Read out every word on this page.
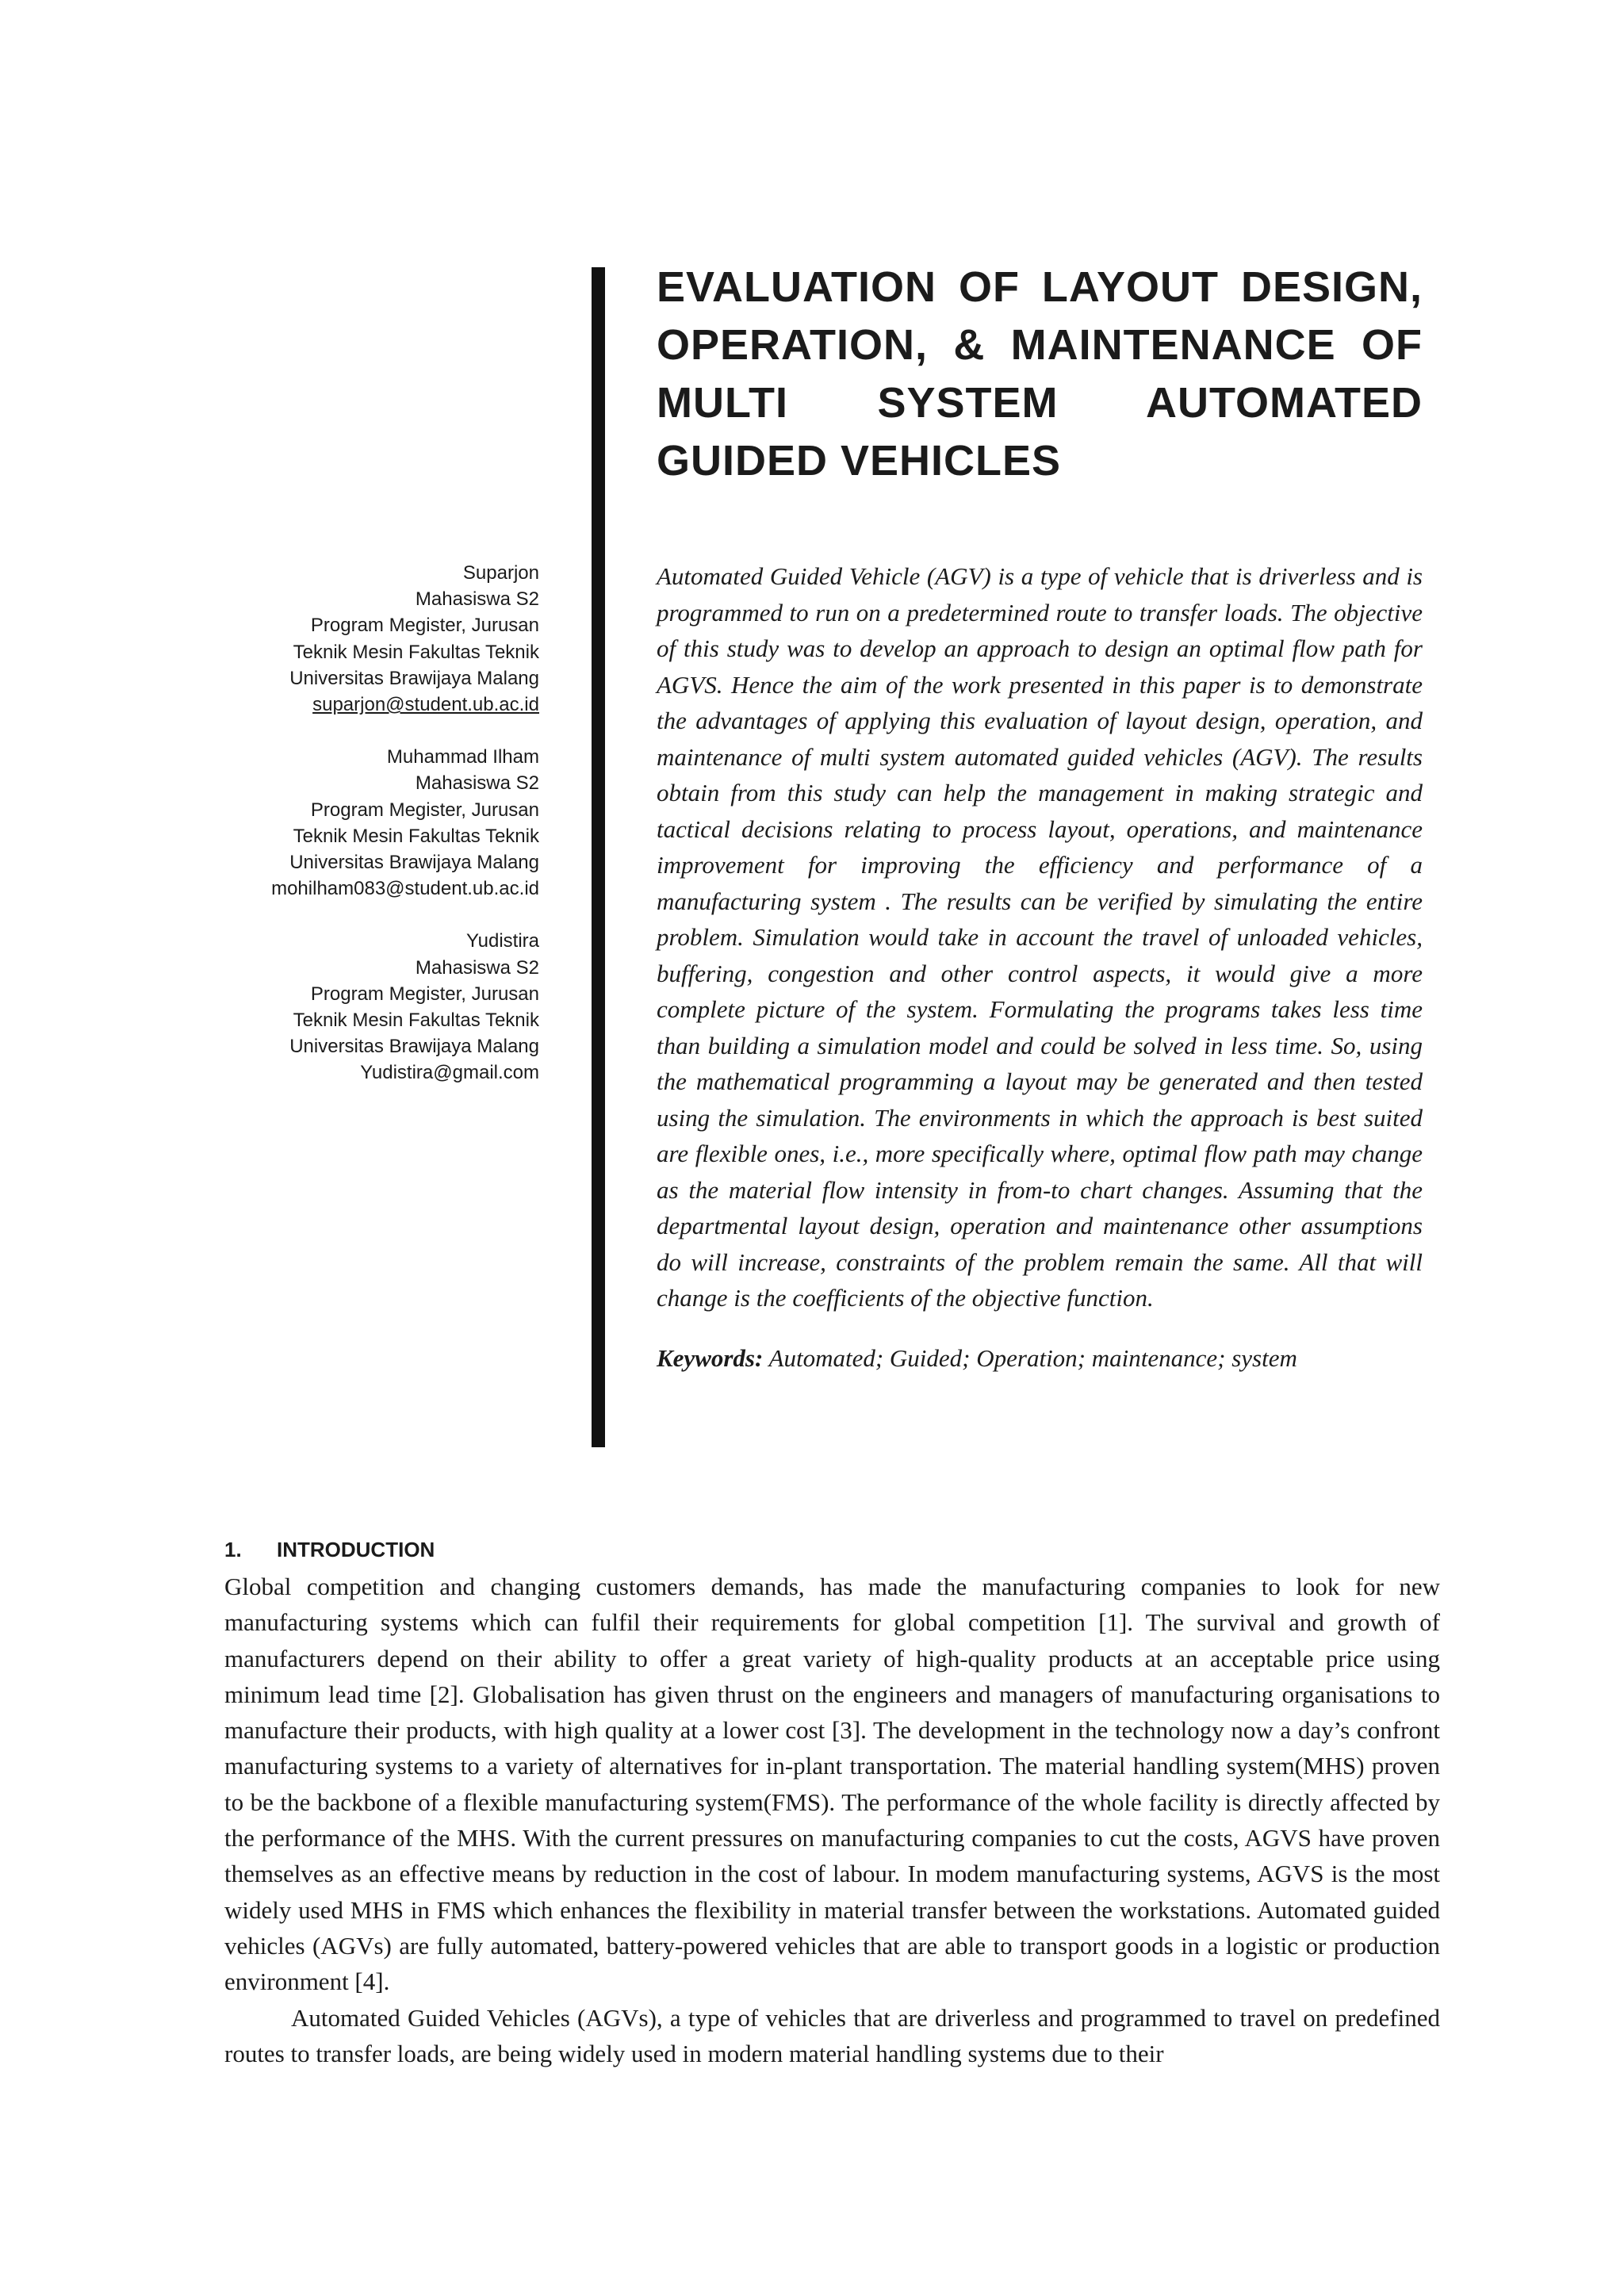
EVALUATION OF LAYOUT DESIGN,
OPERATION, & MAINTENANCE OF
MULTI SYSTEM AUTOMATED
GUIDED VEHICLES
Suparjon
Mahasiswa S2
Program Megister, Jurusan
Teknik Mesin Fakultas Teknik
Universitas Brawijaya Malang
suparjon@student.ub.ac.id
Muhammad Ilham
Mahasiswa S2
Program Megister, Jurusan
Teknik Mesin Fakultas Teknik
Universitas Brawijaya Malang
mohilham083@student.ub.ac.id
Yudistira
Mahasiswa S2
Program Megister, Jurusan
Teknik Mesin Fakultas Teknik
Universitas Brawijaya Malang
Yudistira@gmail.com

Automated Guided Vehicle (AGV) is a type of vehicle that is driverless and is programmed to run on a predetermined route to transfer loads. The objective of this study was to develop an approach to design an optimal flow path for AGVS. Hence the aim of the work presented in this paper is to demonstrate the advantages of applying this evaluation of layout design, operation, and maintenance of multi system automated guided vehicles (AGV). The results obtain from this study can help the management in making strategic and tactical decisions relating to process layout, operations, and maintenance improvement for improving the efficiency and performance of a manufacturing system . The results can be verified by simulating the entire problem. Simulation would take in account the travel of unloaded vehicles, buffering, congestion and other control aspects, it would give a more complete picture of the system. Formulating the programs takes less time than building a simulation model and could be solved in less time. So, using the mathematical programming a layout may be generated and then tested using the simulation. The environments in which the approach is best suited are flexible ones, i.e., more specifically where, optimal flow path may change as the material flow intensity in from-to chart changes. Assuming that the departmental layout design, operation and maintenance other assumptions do will increase, constraints of the problem remain the same. All that will change is the coefficients of the objective function.

Keywords: Automated; Guided; Operation; maintenance; system

1. INTRODUCTION

Global competition and changing customers demands, has made the manufacturing companies to look for new manufacturing systems which can fulfil their requirements for global competition [1]. The survival and growth of manufacturers depend on their ability to offer a great variety of high-quality products at an acceptable price using minimum lead time [2]. Globalisation has given thrust on the engineers and managers of manufacturing organisations to manufacture their products, with high quality at a lower cost [3]. The development in the technology now a day’s confront manufacturing systems to a variety of alternatives for in-plant transportation. The material handling system(MHS) proven to be the backbone of a flexible manufacturing system(FMS). The performance of the whole facility is directly affected by the performance of the MHS. With the current pressures on manufacturing companies to cut the costs, AGVS have proven themselves as an effective means by reduction in the cost of labour. In modem manufacturing systems, AGVS is the most widely used MHS in FMS which enhances the flexibility in material transfer between the workstations. Automated guided vehicles (AGVs) are fully automated, battery-powered vehicles that are able to transport goods in a logistic or production environment [4].

Automated Guided Vehicles (AGVs), a type of vehicles that are driverless and programmed to travel on predefined routes to transfer loads, are being widely used in modern material handling systems due to their
